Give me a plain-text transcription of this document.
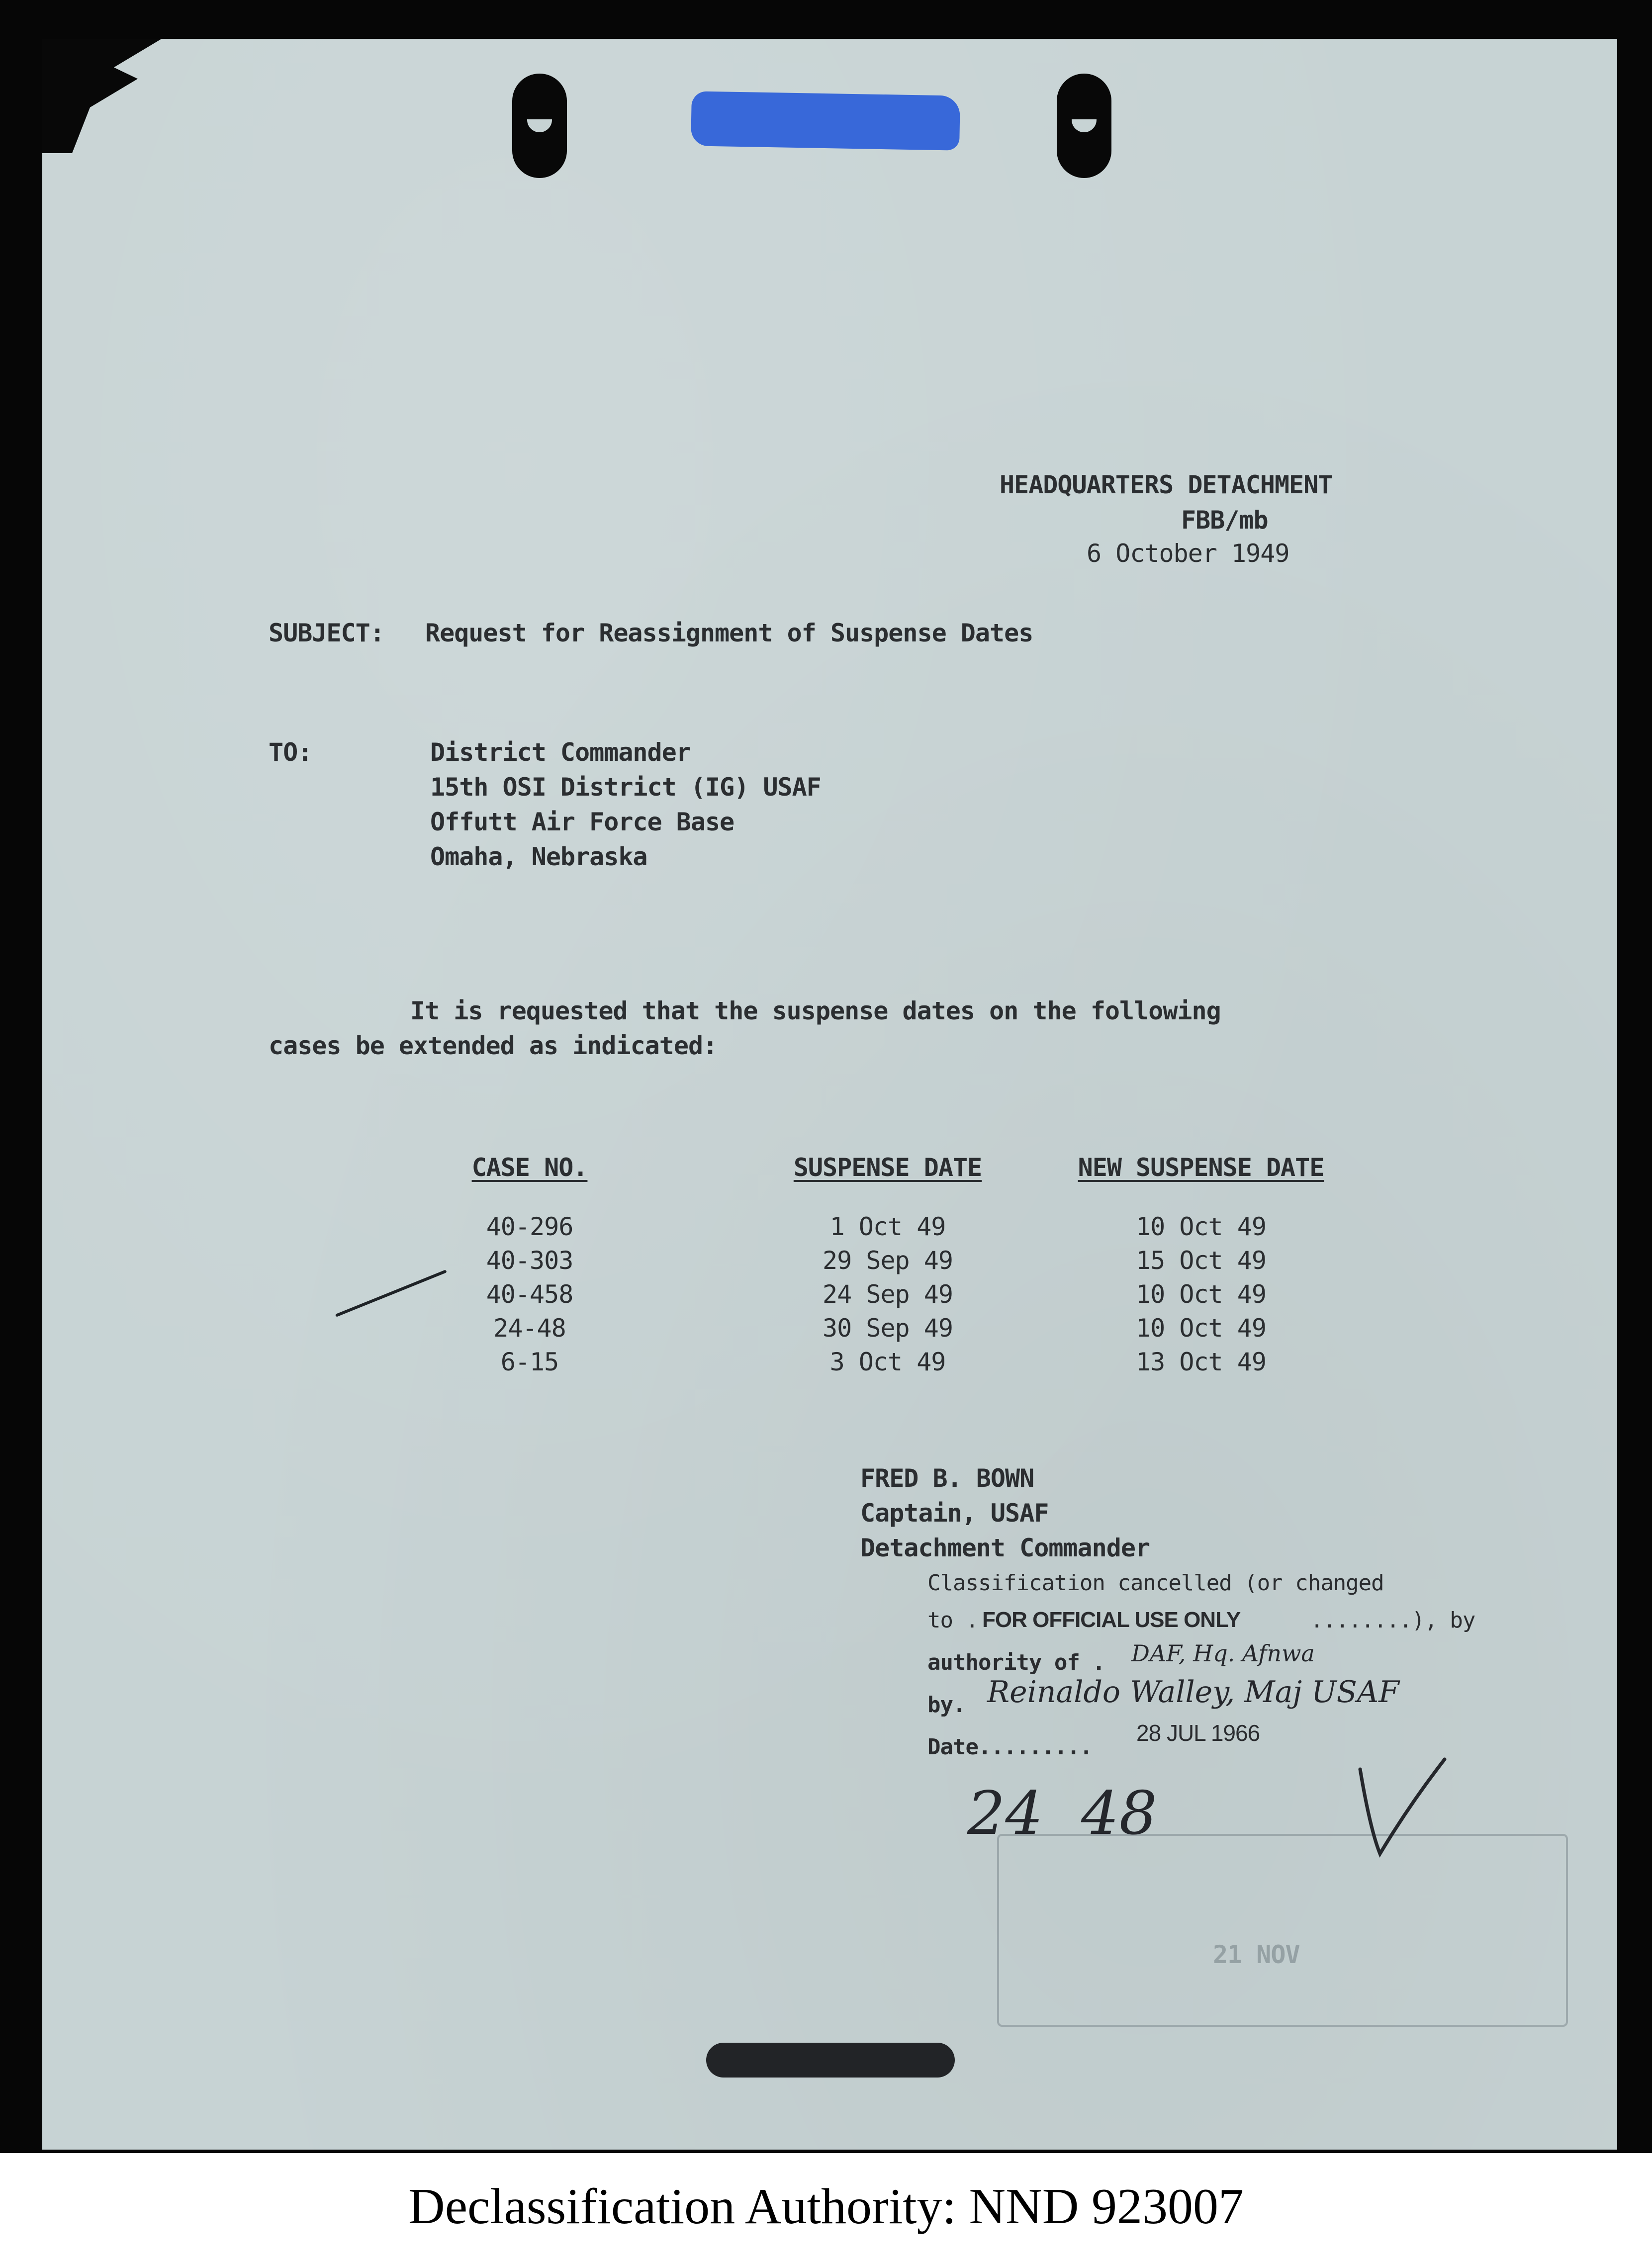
HEADQUARTERS DETACHMENT
FBB/mb
6 October 1949
SUBJECT: Request for Reassignment of Suspense Dates
TO:	District Commander
15th OSI District (IG) USAF
Offutt Air Force Base
Omaha, Nebraska
It is requested that the suspense dates on the following
cases be extended as indicated:
CASE NO.
40-296
40-303
40-458
24-48
6-15
SUSPENSE DATE
1 Oct 49
29 Sep 49
24 Sep 49
30 Sep 49
3 Oct 49
NEW SUSPENSE DATE
10 Oct 49
15 Oct 49
10 Oct 49
10 Oct 49
13 Oct 49
FRED B. BOWN
Captain, USAF
Detachment Commander
Classification cancelled (or changed
to . FOR OFFICIAL USE ONLY	........), by
authority of . DAF, Hq. Afnwa
by. Reinaldo Walley, Maj USAF
Date.........
28 JUL 1966
21 NOV
24  48
Declassification Authority: NND 923007
